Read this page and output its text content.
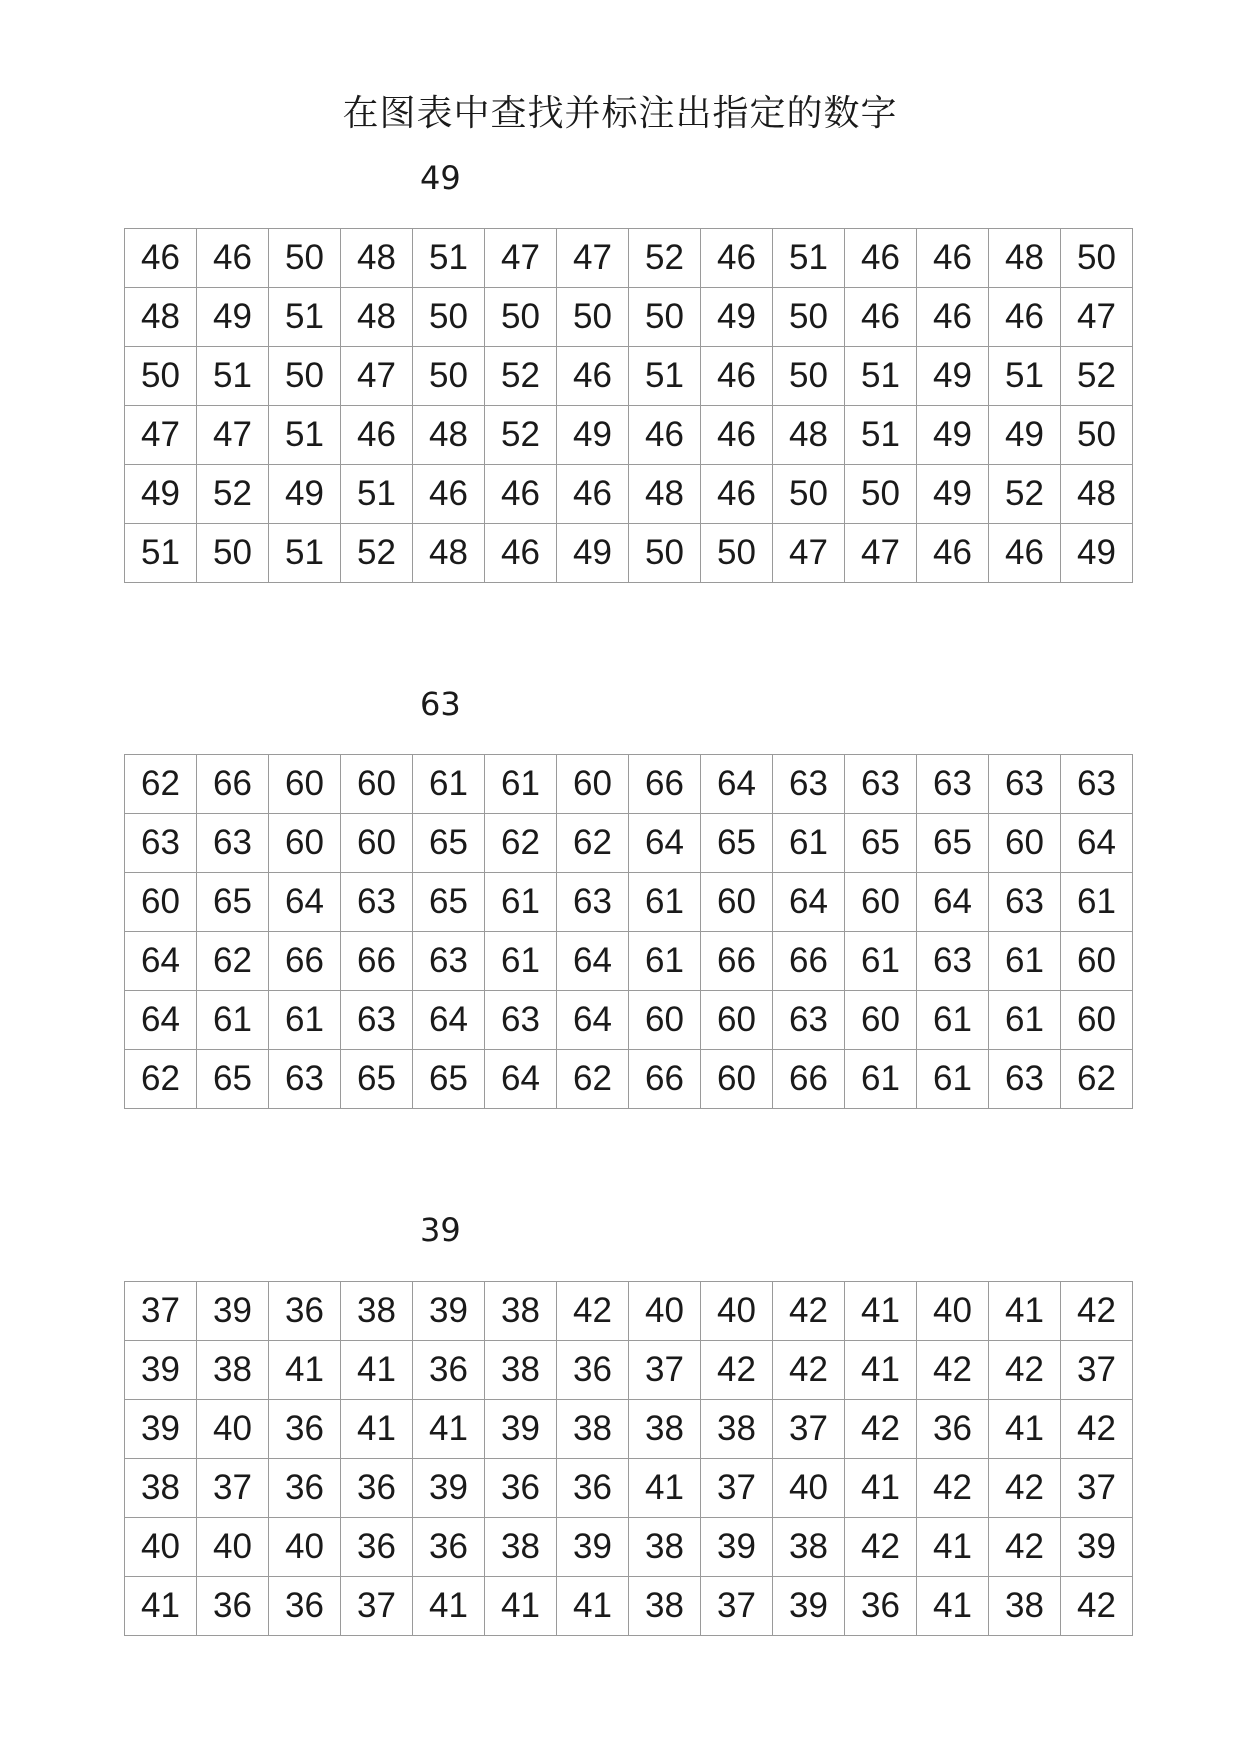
在图表中查找并标注出指定的数字
49
46	46	50	48	51	47	47	52	46	51	46	46	48	50
48	49	51	48	50	50	50	50	49	50	46	46	46	47
50	51	50	47	50	52	46	51	46	50	51	49	51	52
47	47	51	46	48	52	49	46	46	48	51	49	49	50
49	52	49	51	46	46	46	48	46	50	50	49	52	48
51	50	51	52	48	46	49	50	50	47	47	46	46	49
63
62	66	60	60	61	61	60	66	64	63	63	63	63	63
63	63	60	60	65	62	62	64	65	61	65	65	60	64
60	65	64	63	65	61	63	61	60	64	60	64	63	61
64	62	66	66	63	61	64	61	66	66	61	63	61	60
64	61	61	63	64	63	64	60	60	63	60	61	61	60
62	65	63	65	65	64	62	66	60	66	61	61	63	62
39
37	39	36	38	39	38	42	40	40	42	41	40	41	42
39	38	41	41	36	38	36	37	42	42	41	42	42	37
39	40	36	41	41	39	38	38	38	37	42	36	41	42
38	37	36	36	39	36	36	41	37	40	41	42	42	37
40	40	40	36	36	38	39	38	39	38	42	41	42	39
41	36	36	37	41	41	41	38	37	39	36	41	38	42
